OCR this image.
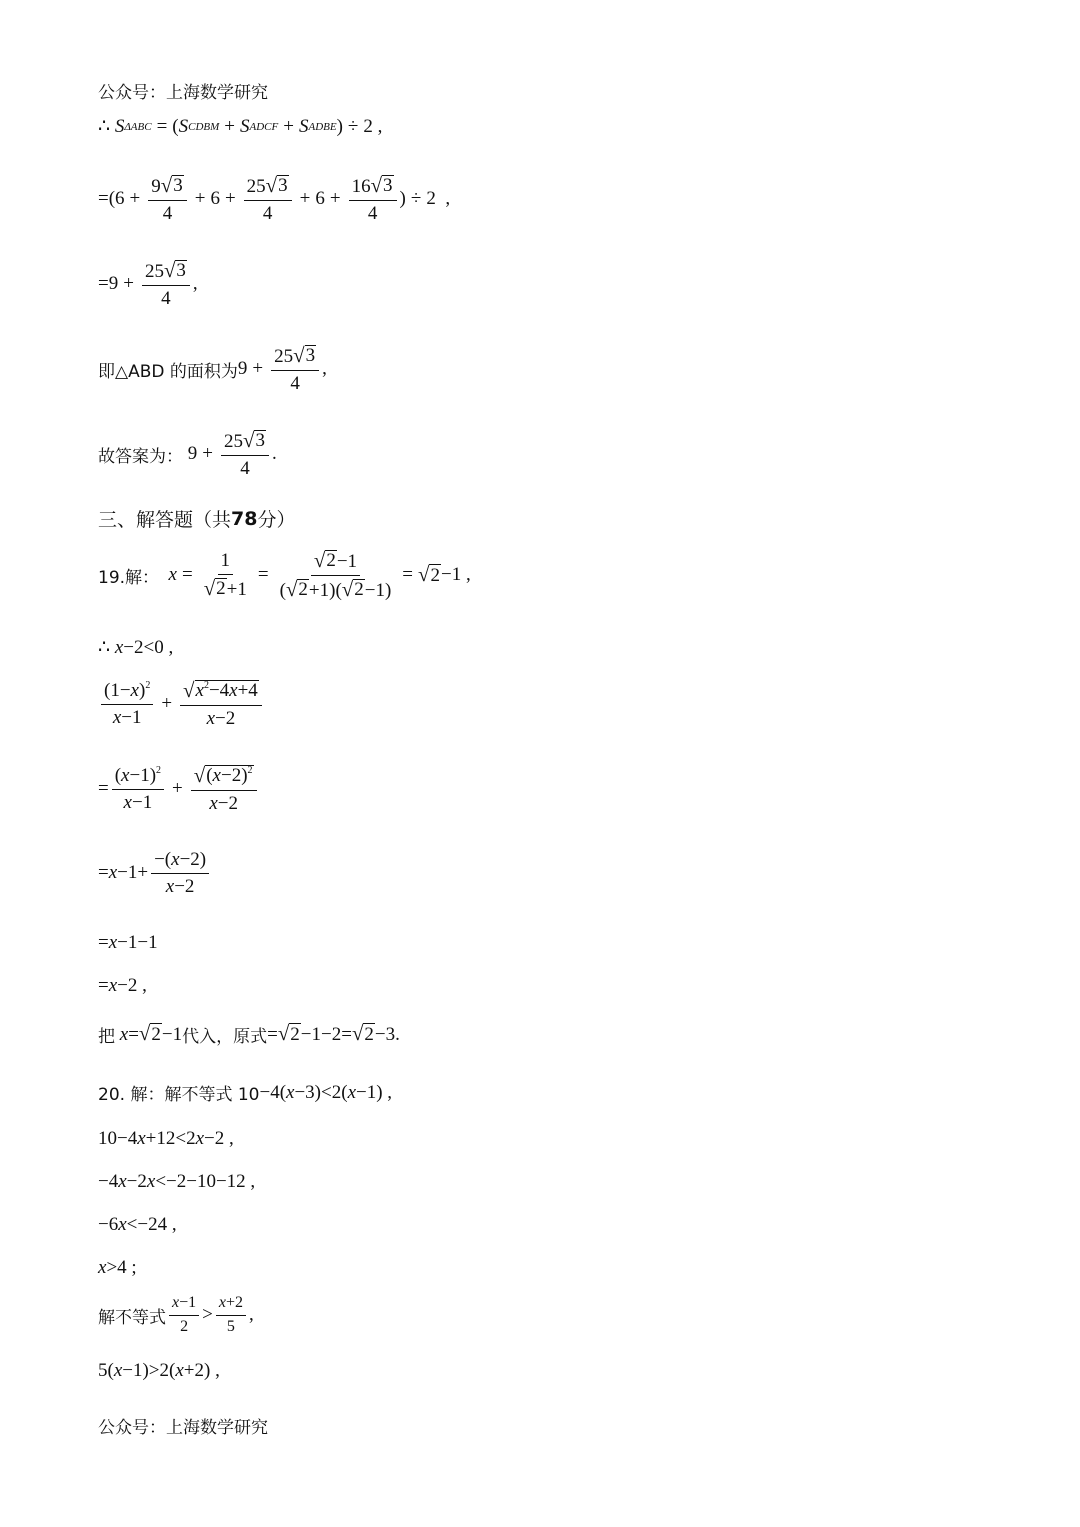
公众号：上海数学研究
∴ S ΔABC = ( S CDBM + S ADCF + S ADBE ) ÷ 2 ,
$=(6 + \frac{9 √ 3}{4} + 6 + \frac{25 √ 3}{4} + 6 + \frac{16 √ 3}{4}$ ) ÷ 2  ,
$=9 + \frac{25 √ 3}{4}$ ,
即△ABD 的面积为 $9 + \frac{25 √ 3}{4}$ ,
故答案为： $9 + \frac{25 √ 3}{4}$ .
三、解答题（共 78 分）
19.解：
$x = \frac{1}{√ 2 +1} = \frac{√ 2 -1}{( √ 2 +1)( √ 2 -1)}$ = √ 2 −1 ,
∴ x −2<0 ,
$\frac{(1-x)^2}{x-1} + \frac{√ x^2-4x+4}{x-2}$
= $\frac{(x-1)^2}{x-1} + \frac{√ (x-2)^2}{x-2}$
= $x -1+ \frac{-(x-2)}{x-2}$
= x −1−1
= x −2 ,
把
x = √ 2 −1 代入，原式 = √ 2 −1−2= √ 2 −3.
20. 解：解不等式 10 −4( x −3)<2( x −1) ,
10−4 x +12<2 x −2 ,
−4 x −2 x <−2−10−12 ,
−6 x <−24 ,
x >4 ;
解不等式 $\frac{x-1}{2} > \frac{x+2}{5}$ ,
5( x −1)>2( x +2) ,
公众号：上海数学研究
